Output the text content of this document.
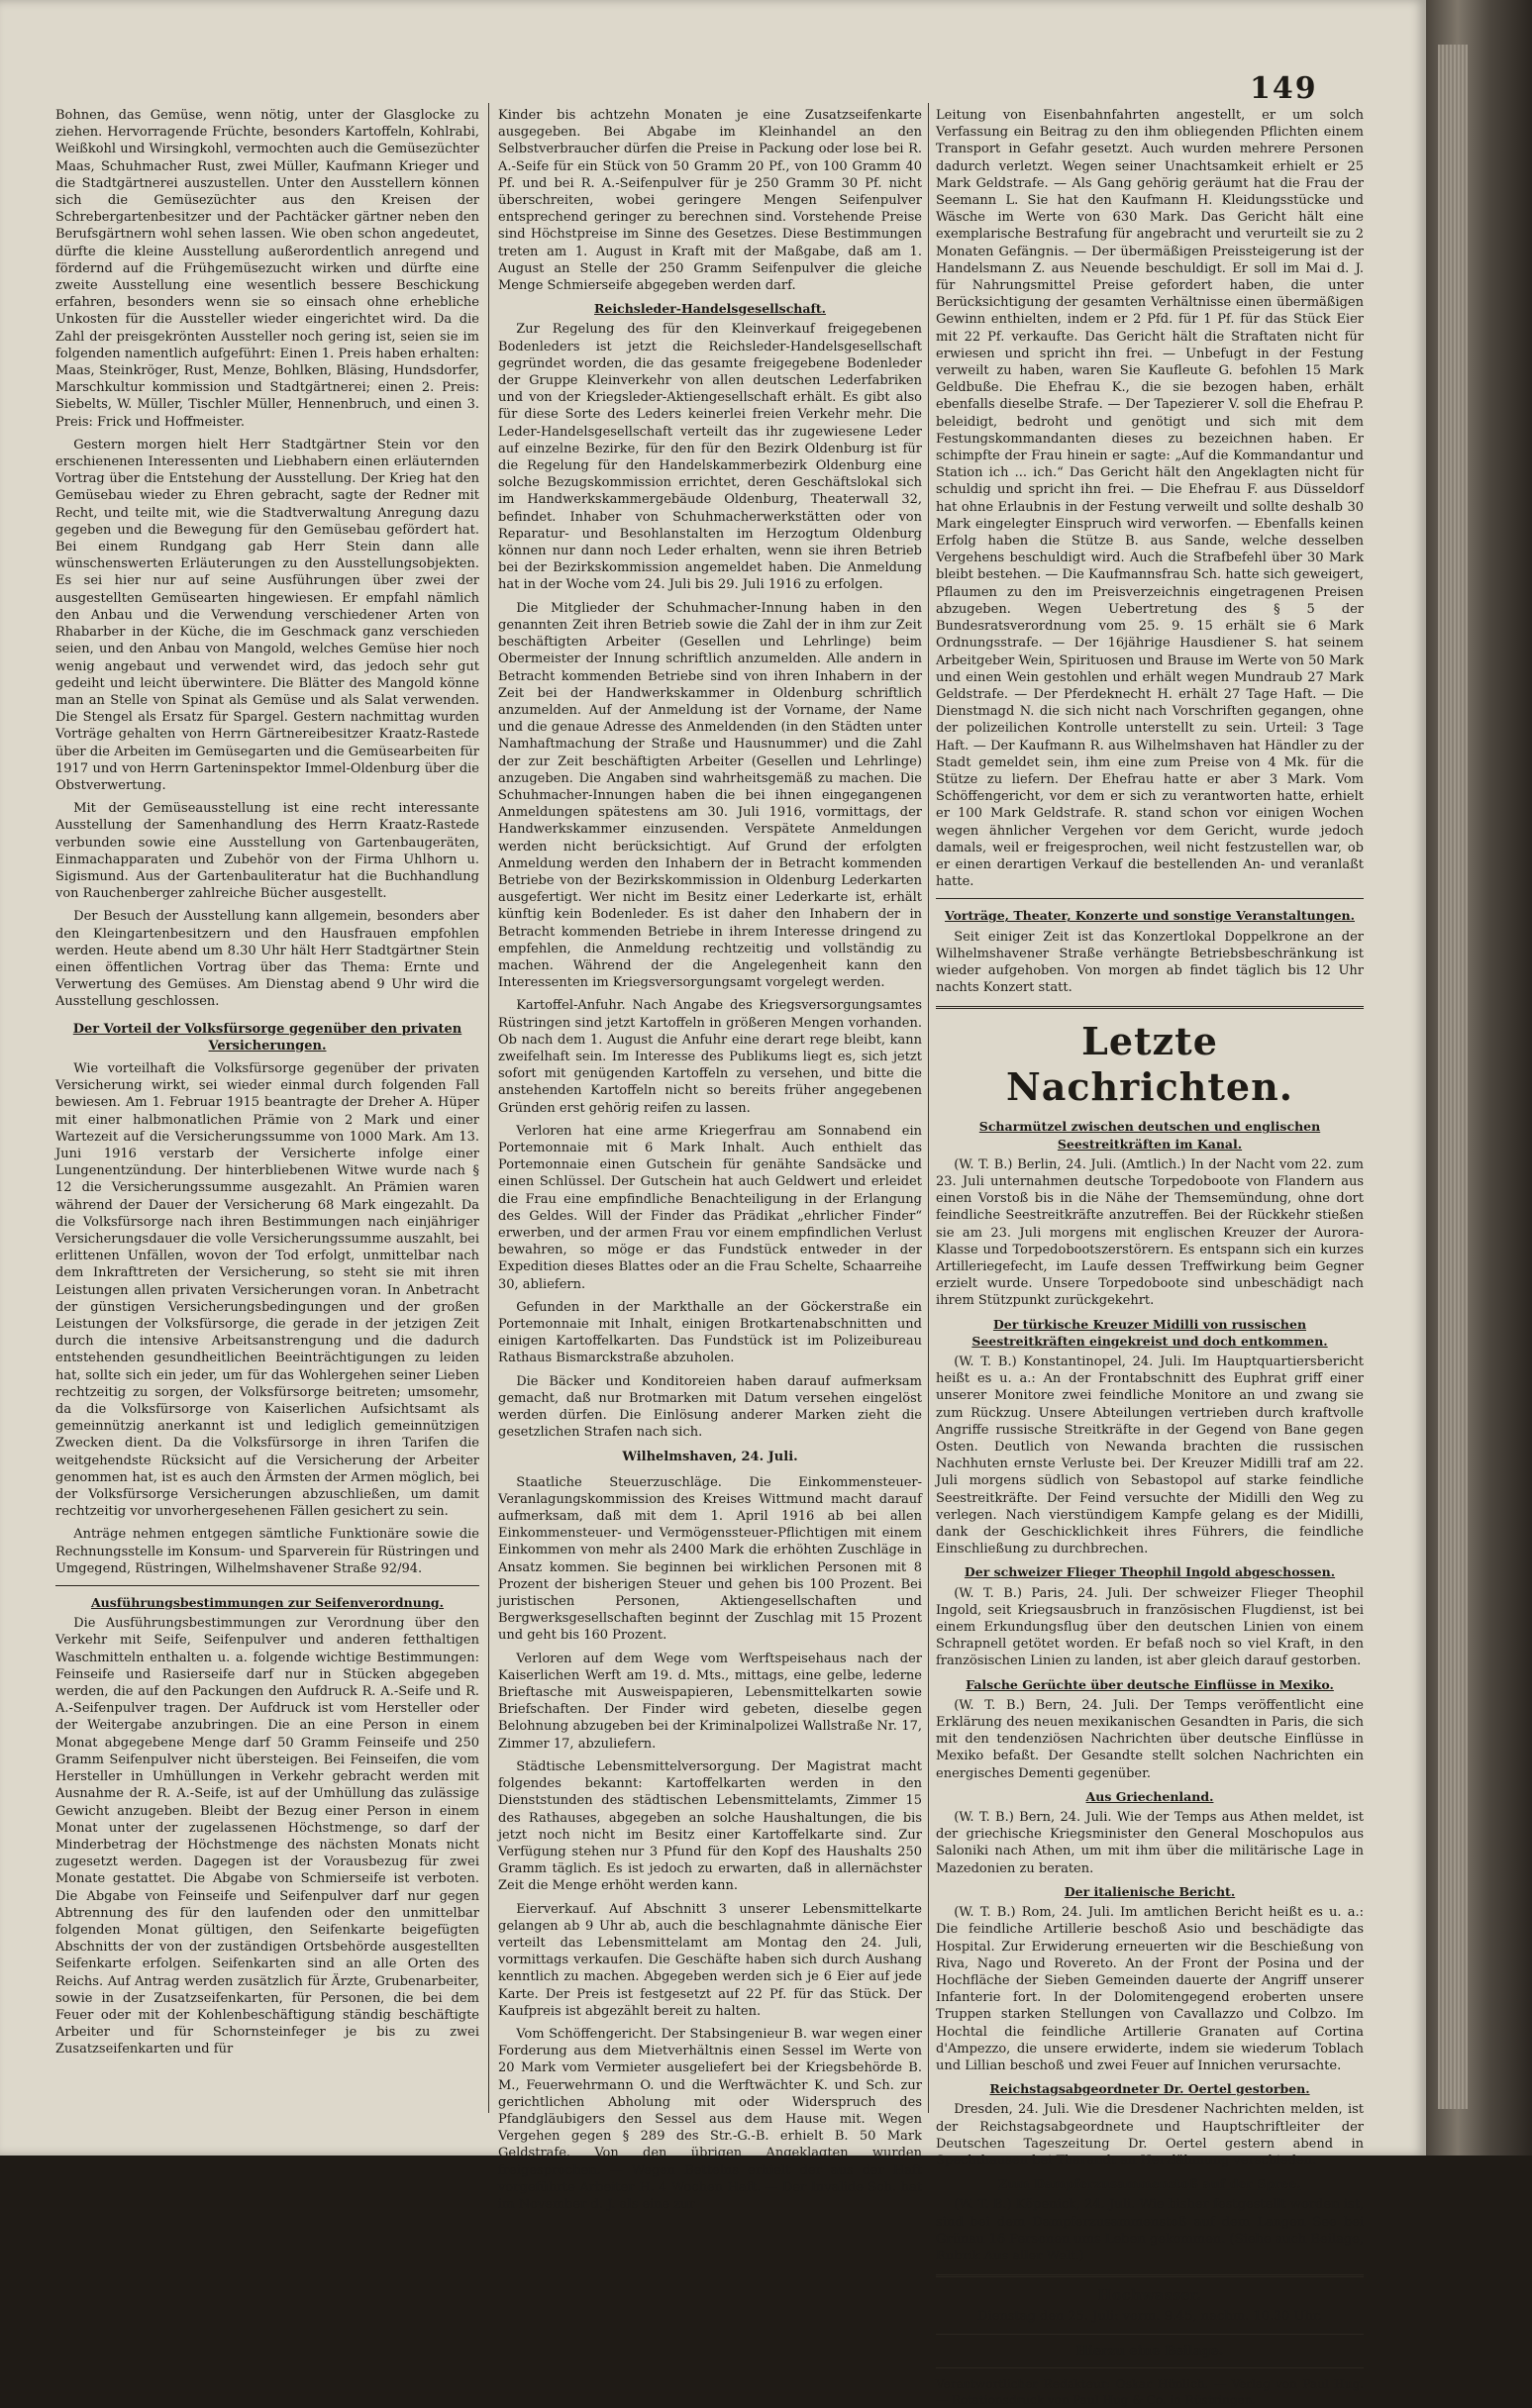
149

Bohnen, das Gemüse, wenn nötig, unter der Glasglocke zu ziehen. Hervorragende Früchte, besonders Kartoffeln, Kohlrabi, Weißkohl und Wirsingkohl, vermochten auch die Gemüsezüchter Maas, Schuhmacher Rust, zwei Müller, Kaufmann Krieger und die Stadtgärtnerei auszustellen. Unter den Ausstellern können sich die Gemüsezüchter aus den Kreisen der Schrebergartenbesitzer und der Pachtäcker gärtner neben den Berufsgärtnern wohl sehen lassen. Wie oben schon angedeutet, dürfte die kleine Ausstellung außerordentlich anregend und fördernd auf die Frühgemüsezucht wirken und dürfte eine zweite Ausstellung eine wesentlich bessere Beschickung erfahren, besonders wenn sie so einsach ohne erhebliche Unkosten für die Aussteller wieder eingerichtet wird. Da die Zahl der preisgekrönten Aussteller noch gering ist, seien sie im folgenden namentlich aufgeführt: Einen 1. Preis haben erhalten: Maas, Steinkröger, Rust, Menze, Bohlken, Bläsing, Hundsdorfer, Marschkultur kommission und Stadtgärtnerei; einen 2. Preis: Siebelts, W. Müller, Tischler Müller, Hennenbruch, und einen 3. Preis: Frick und Hoffmeister.

Gestern morgen hielt Herr Stadtgärtner Stein vor den erschienenen Interessenten und Liebhabern einen erläuternden Vortrag über die Entstehung der Ausstellung. Der Krieg hat den Gemüsebau wieder zu Ehren gebracht, sagte der Redner mit Recht, und teilte mit, wie die Stadtverwaltung Anregung dazu gegeben und die Bewegung für den Gemüsebau gefördert hat. Bei einem Rundgang gab Herr Stein dann alle wünschenswerten Erläuterungen zu den Ausstellungsobjekten. Es sei hier nur auf seine Ausführungen über zwei der ausgestellten Gemüsearten hingewiesen. Er empfahl nämlich den Anbau und die Verwendung verschiedener Arten von Rhabarber in der Küche, die im Geschmack ganz verschieden seien, und den Anbau von Mangold, welches Gemüse hier noch wenig angebaut und verwendet wird, das jedoch sehr gut gedeiht und leicht überwintere. Die Blätter des Mangold könne man an Stelle von Spinat als Gemüse und als Salat verwenden. Die Stengel als Ersatz für Spargel. Gestern nachmittag wurden Vorträge gehalten von Herrn Gärtnereibesitzer Kraatz-Rastede über die Arbeiten im Gemüsegarten und die Gemüsearbeiten für 1917 und von Herrn Garteninspektor Immel-Oldenburg über die Obstverwertung.

Mit der Gemüseausstellung ist eine recht interessante Ausstellung der Samenhandlung des Herrn Kraatz-Rastede verbunden sowie eine Ausstellung von Gartenbaugeräten, Einmachapparaten und Zubehör von der Firma Uhlhorn u. Sigismund. Aus der Gartenbauliteratur hat die Buchhandlung von Rauchenberger zahlreiche Bücher ausgestellt.

Der Besuch der Ausstellung kann allgemein, besonders aber den Kleingartenbesitzern und den Hausfrauen empfohlen werden. Heute abend um 8.30 Uhr hält Herr Stadtgärtner Stein einen öffentlichen Vortrag über das Thema: Ernte und Verwertung des Gemüses. Am Dienstag abend 9 Uhr wird die Ausstellung geschlossen.

Der Vorteil der Volksfürsorge gegenüber den privaten Versicherungen.

Wie vorteilhaft die Volksfürsorge gegenüber der privaten Versicherung wirkt, sei wieder einmal durch folgenden Fall bewiesen. Am 1. Februar 1915 beantragte der Dreher A. Hüper mit einer halbmonatlichen Prämie von 2 Mark und einer Wartezeit auf die Versicherungssumme von 1000 Mark. Am 13. Juni 1916 verstarb der Versicherte infolge einer Lungenentzündung. Der hinterbliebenen Witwe wurde nach § 12 die Versicherungssumme ausgezahlt. An Prämien waren während der Dauer der Versicherung 68 Mark eingezahlt. Da die Volksfürsorge nach ihren Bestimmungen nach einjähriger Versicherungsdauer die volle Versicherungssumme auszahlt, bei erlittenen Unfällen, wovon der Tod erfolgt, unmittelbar nach dem Inkrafttreten der Versicherung, so steht sie mit ihren Leistungen allen privaten Versicherungen voran. In Anbetracht der günstigen Versicherungsbedingungen und der großen Leistungen der Volksfürsorge, die gerade in der jetzigen Zeit durch die intensive Arbeitsanstrengung und die dadurch entstehenden gesundheitlichen Beeinträchtigungen zu leiden hat, sollte sich ein jeder, um für das Wohlergehen seiner Lieben rechtzeitig zu sorgen, der Volksfürsorge beitreten; umsomehr, da die Volksfürsorge von Kaiserlichen Aufsichtsamt als gemeinnützig anerkannt ist und lediglich gemeinnützigen Zwecken dient. Da die Volksfürsorge in ihren Tarifen die weitgehendste Rücksicht auf die Versicherung der Arbeiter genommen hat, ist es auch den Ärmsten der Armen möglich, bei der Volksfürsorge Versicherungen abzuschließen, um damit rechtzeitig vor unvorhergesehenen Fällen gesichert zu sein.

Anträge nehmen entgegen sämtliche Funktionäre sowie die Rechnungsstelle im Konsum- und Sparverein für Rüstringen und Umgegend, Rüstringen, Wilhelmshavener Straße 92/94.

Ausführungsbestimmungen zur Seifenverordnung.

Die Ausführungsbestimmungen zur Verordnung über den Verkehr mit Seife, Seifenpulver und anderen fetthaltigen Waschmitteln enthalten u. a. folgende wichtige Bestimmungen: Feinseife und Rasierseife darf nur in Stücken abgegeben werden, die auf den Packungen den Aufdruck R. A.-Seife und R. A.-Seifenpulver tragen. Der Aufdruck ist vom Hersteller oder der Weitergabe anzubringen. Die an eine Person in einem Monat abgegebene Menge darf 50 Gramm Feinseife und 250 Gramm Seifenpulver nicht übersteigen. Bei Feinseifen, die vom Hersteller in Umhüllungen in Verkehr gebracht werden mit Ausnahme der R. A.-Seife, ist auf der Umhüllung das zulässige Gewicht anzugeben. Bleibt der Bezug einer Person in einem Monat unter der zugelassenen Höchstmenge, so darf der Minderbetrag der Höchstmenge des nächsten Monats nicht zugesetzt werden. Dagegen ist der Vorausbezug für zwei Monate gestattet. Die Abgabe von Schmierseife ist verboten. Die Abgabe von Feinseife und Seifenpulver darf nur gegen Abtrennung des für den laufenden oder den unmittelbar folgenden Monat gültigen, den Seifenkarte beigefügten Abschnitts der von der zuständigen Ortsbehörde ausgestellten Seifenkarte erfolgen. Seifenkarten sind an alle Orten des Reichs. Auf Antrag werden zusätzlich für Ärzte, Grubenarbeiter, sowie in der Zusatzseifenkarten, für Personen, die bei dem Feuer oder mit der Kohlenbeschäftigung ständig beschäftigte Arbeiter und für Schornsteinfeger je bis zu zwei Zusatzseifenkarten und für

Kinder bis achtzehn Monaten je eine Zusatzseifenkarte ausgegeben. Bei Abgabe im Kleinhandel an den Selbstverbraucher dürfen die Preise in Packung oder lose bei R. A.-Seife für ein Stück von 50 Gramm 20 Pf., von 100 Gramm 40 Pf. und bei R. A.-Seifenpulver für je 250 Gramm 30 Pf. nicht überschreiten, wobei geringere Mengen Seifenpulver entsprechend geringer zu berechnen sind. Vorstehende Preise sind Höchstpreise im Sinne des Gesetzes. Diese Bestimmungen treten am 1. August in Kraft mit der Maßgabe, daß am 1. August an Stelle der 250 Gramm Seifenpulver die gleiche Menge Schmierseife abgegeben werden darf.

Reichsleder-Handelsgesellschaft.

Zur Regelung des für den Kleinverkauf freigegebenen Bodenleders ist jetzt die Reichsleder-Handelsgesellschaft gegründet worden, die das gesamte freigegebene Bodenleder der Gruppe Kleinverkehr von allen deutschen Lederfabriken und von der Kriegsleder-Aktiengesellschaft erhält. Es gibt also für diese Sorte des Leders keinerlei freien Verkehr mehr. Die Leder-Handelsgesellschaft verteilt das ihr zugewiesene Leder auf einzelne Bezirke, für den für den Bezirk Oldenburg ist für die Regelung für den Handelskammerbezirk Oldenburg eine solche Bezugskommission errichtet, deren Geschäftslokal sich im Handwerkskammergebäude Oldenburg, Theaterwall 32, befindet. Inhaber von Schuhmacherwerkstätten oder von Reparatur- und Besohlanstalten im Herzogtum Oldenburg können nur dann noch Leder erhalten, wenn sie ihren Betrieb bei der Bezirkskommission angemeldet haben. Die Anmeldung hat in der Woche vom 24. Juli bis 29. Juli 1916 zu erfolgen.

Die Mitglieder der Schuhmacher-Innung haben in den genannten Zeit ihren Betrieb sowie die Zahl der in ihm zur Zeit beschäftigten Arbeiter (Gesellen und Lehrlinge) beim Obermeister der Innung schriftlich anzumelden. Alle andern in Betracht kommenden Betriebe sind von ihren Inhabern in der Zeit bei der Handwerkskammer in Oldenburg schriftlich anzumelden. Auf der Anmeldung ist der Vorname, der Name und die genaue Adresse des Anmeldenden (in den Städten unter Namhaftmachung der Straße und Hausnummer) und die Zahl der zur Zeit beschäftigten Arbeiter (Gesellen und Lehrlinge) anzugeben. Die Angaben sind wahrheitsgemäß zu machen. Die Schuhmacher-Innungen haben die bei ihnen eingegangenen Anmeldungen spätestens am 30. Juli 1916, vormittags, der Handwerkskammer einzusenden. Verspätete Anmeldungen werden nicht berücksichtigt. Auf Grund der erfolgten Anmeldung werden den Inhabern der in Betracht kommenden Betriebe von der Bezirkskommission in Oldenburg Lederkarten ausgefertigt. Wer nicht im Besitz einer Lederkarte ist, erhält künftig kein Bodenleder. Es ist daher den Inhabern der in Betracht kommenden Betriebe in ihrem Interesse dringend zu empfehlen, die Anmeldung rechtzeitig und vollständig zu machen. Während der die Angelegenheit kann den Interessenten im Kriegsversorgungsamt vorgelegt werden.

Kartoffel-Anfuhr. Nach Angabe des Kriegsversorgungsamtes Rüstringen sind jetzt Kartoffeln in größeren Mengen vorhanden. Ob nach dem 1. August die Anfuhr eine derart rege bleibt, kann zweifelhaft sein. Im Interesse des Publikums liegt es, sich jetzt sofort mit genügenden Kartoffeln zu versehen, und bitte die anstehenden Kartoffeln nicht so bereits früher angegebenen Gründen erst gehörig reifen zu lassen.

Verloren hat eine arme Kriegerfrau am Sonnabend ein Portemonnaie mit 6 Mark Inhalt. Auch enthielt das Portemonnaie einen Gutschein für genähte Sandsäcke und einen Schlüssel. Der Gutschein hat auch Geldwert und erleidet die Frau eine empfindliche Benachteiligung in der Erlangung des Geldes. Will der Finder das Prädikat „ehrlicher Finder“ erwerben, und der armen Frau vor einem empfindlichen Verlust bewahren, so möge er das Fundstück entweder in der Expedition dieses Blattes oder an die Frau Schelte, Schaarreihe 30, abliefern.

Gefunden in der Markthalle an der Göckerstraße ein Portemonnaie mit Inhalt, einigen Brotkartenabschnitten und einigen Kartoffelkarten. Das Fundstück ist im Polizeibureau Rathaus Bismarckstraße abzuholen.

Die Bäcker und Konditoreien haben darauf aufmerksam gemacht, daß nur Brotmarken mit Datum versehen eingelöst werden dürfen. Die Einlösung anderer Marken zieht die gesetzlichen Strafen nach sich.

Wilhelmshaven, 24. Juli.

Staatliche Steuerzuschläge. Die Einkommensteuer-Veranlagungskommission des Kreises Wittmund macht darauf aufmerksam, daß mit dem 1. April 1916 ab bei allen Einkommensteuer- und Vermögenssteuer-Pflichtigen mit einem Einkommen von mehr als 2400 Mark die erhöhten Zuschläge in Ansatz kommen. Sie beginnen bei wirklichen Personen mit 8 Prozent der bisherigen Steuer und gehen bis 100 Prozent. Bei juristischen Personen, Aktiengesellschaften und Bergwerksgesellschaften beginnt der Zuschlag mit 15 Prozent und geht bis 160 Prozent.

Verloren auf dem Wege vom Werftspeisehaus nach der Kaiserlichen Werft am 19. d. Mts., mittags, eine gelbe, lederne Brieftasche mit Ausweispapieren, Lebensmittelkarten sowie Briefschaften. Der Finder wird gebeten, dieselbe gegen Belohnung abzugeben bei der Kriminalpolizei Wallstraße Nr. 17, Zimmer 17, abzuliefern.

Städtische Lebensmittelversorgung. Der Magistrat macht folgendes bekannt: Kartoffelkarten werden in den Dienststunden des städtischen Lebensmittelamts, Zimmer 15 des Rathauses, abgegeben an solche Haushaltungen, die bis jetzt noch nicht im Besitz einer Kartoffelkarte sind. Zur Verfügung stehen nur 3 Pfund für den Kopf des Haushalts 250 Gramm täglich. Es ist jedoch zu erwarten, daß in allernächster Zeit die Menge erhöht werden kann.

Eierverkauf. Auf Abschnitt 3 unserer Lebensmittelkarte gelangen ab 9 Uhr ab, auch die beschlagnahmte dänische Eier verteilt das Lebensmittelamt am Montag den 24. Juli, vormittags verkaufen. Die Geschäfte haben sich durch Aushang kenntlich zu machen. Abgegeben werden sich je 6 Eier auf jede Karte. Der Preis ist festgesetzt auf 22 Pf. für das Stück. Der Kaufpreis ist abgezählt bereit zu halten.

Vom Schöffengericht. Der Stabsingenieur B. war wegen einer Forderung aus dem Mietverhältnis einen Sessel im Werte von 20 Mark vom Vermieter ausgeliefert bei der Kriegsbehörde B. M., Feuerwehrmann O. und die Werftwächter K. und Sch. zur gerichtlichen Abholung mit oder Widerspruch des Pfandgläubigers den Sessel aus dem Hause mit. Wegen Vergehen gegen § 289 des Str.-G.-B. erhielt B. 50 Mark Geldstrafe. Von den übrigen Angeklagten wurden freigesprochen. — Wegen Bettelns erhielt der aus der Haft vorgeführte Arbeiter H. 4 Wochen Haft. — Der Invalide Sch. hat im November d. J. als eine zur

Leitung von Eisenbahnfahrten angestellt, er um solch Verfassung ein Beitrag zu den ihm obliegenden Pflichten einem Transport in Gefahr gesetzt. Auch wurden mehrere Personen dadurch verletzt. Wegen seiner Unachtsamkeit erhielt er 25 Mark Geldstrafe. — Als Gang gehörig geräumt hat die Frau der Seemann L. Sie hat den Kaufmann H. Kleidungsstücke und Wäsche im Werte von 630 Mark. Das Gericht hält eine exemplarische Bestrafung für angebracht und verurteilt sie zu 2 Monaten Gefängnis. — Der übermäßigen Preissteigerung ist der Handelsmann Z. aus Neuende beschuldigt. Er soll im Mai d. J. für Nahrungsmittel Preise gefordert haben, die unter Berücksichtigung der gesamten Verhältnisse einen übermäßigen Gewinn enthielten, indem er 2 Pfd. für 1 Pf. für das Stück Eier mit 22 Pf. verkaufte. Das Gericht hält die Straftaten nicht für erwiesen und spricht ihn frei. — Unbefugt in der Festung verweilt zu haben, waren Sie Kaufleute G. befohlen 15 Mark Geldbuße. Die Ehefrau K., die sie bezogen haben, erhält ebenfalls dieselbe Strafe. — Der Tapezierer V. soll die Ehefrau P. beleidigt, bedroht und genötigt und sich mit dem Festungskommandanten dieses zu bezeichnen haben. Er schimpfte der Frau hinein er sagte: „Auf die Kommandantur und Station ich ... ich.“ Das Gericht hält den Angeklagten nicht für schuldig und spricht ihn frei. — Die Ehefrau F. aus Düsseldorf hat ohne Erlaubnis in der Festung verweilt und sollte deshalb 30 Mark eingelegter Einspruch wird verworfen. — Ebenfalls keinen Erfolg haben die Stütze B. aus Sande, welche desselben Vergehens beschuldigt wird. Auch die Strafbefehl über 30 Mark bleibt bestehen. — Die Kaufmannsfrau Sch. hatte sich geweigert, Pflaumen zu den im Preisverzeichnis eingetragenen Preisen abzugeben. Wegen Uebertretung des § 5 der Bundesratsverordnung vom 25. 9. 15 erhält sie 6 Mark Ordnungsstrafe. — Der 16jährige Hausdiener S. hat seinem Arbeitgeber Wein, Spirituosen und Brause im Werte von 50 Mark und einen Wein gestohlen und erhält wegen Mundraub 27 Mark Geldstrafe. — Der Pferdeknecht H. erhält 27 Tage Haft. — Die Dienstmagd N. die sich nicht nach Vorschriften gegangen, ohne der polizeilichen Kontrolle unterstellt zu sein. Urteil: 3 Tage Haft. — Der Kaufmann R. aus Wilhelmshaven hat Händler zu der Stadt gemeldet sein, ihm eine zum Preise von 4 Mk. für die Stütze zu liefern. Der Ehefrau hatte er aber 3 Mark. Vom Schöffengericht, vor dem er sich zu verantworten hatte, erhielt er 100 Mark Geldstrafe. R. stand schon vor einigen Wochen wegen ähnlicher Vergehen vor dem Gericht, wurde jedoch damals, weil er freigesprochen, weil nicht festzustellen war, ob er einen derartigen Verkauf die bestellenden An- und veranlaßt hatte.

Vorträge, Theater, Konzerte und sonstige Veranstaltungen.

Seit einiger Zeit ist das Konzertlokal Doppelkrone an der Wilhelmshavener Straße verhängte Betriebsbeschränkung ist wieder aufgehoben. Von morgen ab findet täglich bis 12 Uhr nachts Konzert statt.

Letzte Nachrichten.
Scharmützel zwischen deutschen und englischen Seestreitkräften im Kanal.

(W. T. B.) Berlin, 24. Juli. (Amtlich.) In der Nacht vom 22. zum 23. Juli unternahmen deutsche Torpedoboote von Flandern aus einen Vorstoß bis in die Nähe der Themsemündung, ohne dort feindliche Seestreitkräfte anzutreffen. Bei der Rückkehr stießen sie am 23. Juli morgens mit englischen Kreuzer der Aurora-Klasse und Torpedobootszerstörern. Es entspann sich ein kurzes Artilleriegefecht, im Laufe dessen Treffwirkung beim Gegner erzielt wurde. Unsere Torpedoboote sind unbeschädigt nach ihrem Stützpunkt zurückgekehrt.

Der türkische Kreuzer Midilli von russischen Seestreitkräften eingekreist und doch entkommen.

(W. T. B.) Konstantinopel, 24. Juli. Im Hauptquartiersbericht heißt es u. a.: An der Frontabschnitt des Euphrat griff einer unserer Monitore zwei feindliche Monitore an und zwang sie zum Rückzug. Unsere Abteilungen vertrieben durch kraftvolle Angriffe russische Streitkräfte in der Gegend von Bane gegen Osten. Deutlich von Newanda brachten die russischen Nachhuten ernste Verluste bei. Der Kreuzer Midilli traf am 22. Juli morgens südlich von Sebastopol auf starke feindliche Seestreitkräfte. Der Feind versuchte der Midilli den Weg zu verlegen. Nach vierstündigem Kampfe gelang es der Midilli, dank der Geschicklichkeit ihres Führers, die feindliche Einschließung zu durchbrechen.

Der schweizer Flieger Theophil Ingold abgeschossen.

(W. T. B.) Paris, 24. Juli. Der schweizer Flieger Theophil Ingold, seit Kriegsausbruch in französischen Flugdienst, ist bei einem Erkundungsflug über den deutschen Linien von einem Schrapnell getötet worden. Er befaß noch so viel Kraft, in den französischen Linien zu landen, ist aber gleich darauf gestorben.

Falsche Gerüchte über deutsche Einflüsse in Mexiko.

(W. T. B.) Bern, 24. Juli. Der Temps veröffentlicht eine Erklärung des neuen mexikanischen Gesandten in Paris, die sich mit den tendenziösen Nachrichten über deutsche Einflüsse in Mexiko befaßt. Der Gesandte stellt solchen Nachrichten ein energisches Dementi gegenüber.

Aus Griechenland.

(W. T. B.) Bern, 24. Juli. Wie der Temps aus Athen meldet, ist der griechische Kriegsminister den General Moschopulos aus Saloniki nach Athen, um mit ihm über die militärische Lage in Mazedonien zu beraten.

Der italienische Bericht.

(W. T. B.) Rom, 24. Juli. Im amtlichen Bericht heißt es u. a.: Die feindliche Artillerie beschoß Asio und beschädigte das Hospital. Zur Erwiderung erneuerten wir die Beschießung von Riva, Nago und Rovereto. An der Front der Posina und der Hochfläche der Sieben Gemeinden dauerte der Angriff unserer Infanterie fort. In der Dolomitengegend eroberten unsere Truppen starken Stellungen von Cavallazzo und Colbzo. Im Hochtal die feindliche Artillerie Granaten auf Cortina d'Ampezzo, die unsere erwiderte, indem sie wiederum Toblach und Lillian beschoß und zwei Feuer auf Innichen verursachte.

Reichstagsabgeordneter Dr. Oertel gestorben.

Dresden, 24. Juli. Wie die Dresdener Nachrichten melden, ist der Reichstagsabgeordnete und Hauptschriftleiter der Deutschen Tageszeitung Dr. Oertel gestern abend in Spechthausen bei Tharandt an Herzlähmung verschieden.

Zum Dampferzusammenstoß auf der Spree.

(W. T. B.) Köpenick, 24. Juli. Wie bisher festgestellt worden ist, sind bei dem Dampferzusammenstoß auf dem Langen See bei Grünau 16 Personen ums Leben gekommen. (Siehe auch Beilage, Rubrik Aus aller Welt.)

Hochwasser.

Dienstag den 25. Juli: vorm. 9.45, nachm. 10.30 Uhr.

Hierzu eine Beilage.

Verantwortlicher Redakteur: Oskar Hünlich. — Verlag von Paul Hug. — Rotationsdruck von Paul Hug & Co. in Rüstringen.
